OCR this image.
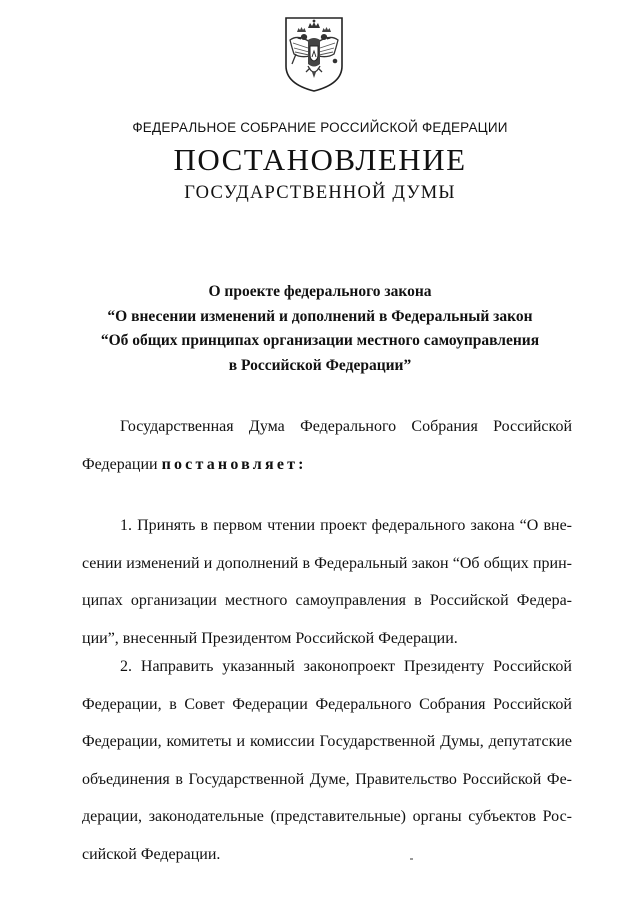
ФЕДЕРАЛЬНОЕ СОБРАНИЕ РОССИЙСКОЙ ФЕДЕРАЦИИ
ПОСТАНОВЛЕНИЕ
ГОСУДАРСТВЕННОЙ ДУМЫ
О проекте федерального закона
“О внесении изменений и дополнений в Федеральный закон
“Об общих принципах организации местного самоуправления
в Российской Федерации”
Государственная Дума Федерального Собрания Российской
Федерации постановляет:
1. Принять в первом чтении проект федерального закона “О вне-
сении изменений и дополнений в Федеральный закон “Об общих прин-
ципах организации местного самоуправления в Российской Федера-
ции”, внесенный Президентом Российской Федерации.
2. Направить указанный законопроект Президенту Российской
Федерации, в Совет Федерации Федерального Собрания Российской
Федерации, комитеты и комиссии Государственной Думы, депутатские
объединения в Государственной Думе, Правительство Российской Фе-
дерации, законодательные (представительные) органы субъектов Рос-
сийской Федерации.
